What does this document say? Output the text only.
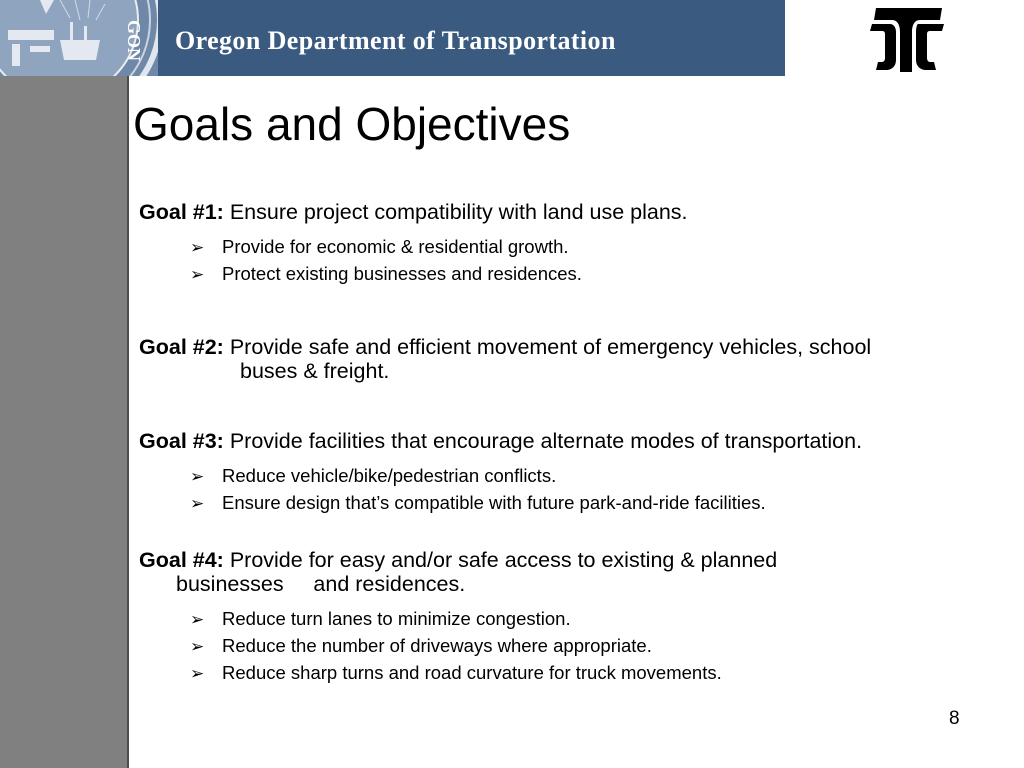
GON Oregon Department of Transportation
Goals and Objectives

Goal #1: Ensure project compatibility with land use plans.

➢ Provide for economic & residential growth.

➢ Protect existing businesses and residences.

Goal #2: Provide safe and efficient movement of emergency vehicles, school
buses & freight.

Goal #3: Provide facilities that encourage alternate modes of transportation.

➢ Reduce vehicle/bike/pedestrian conflicts.

➢ Ensure design that’s compatible with future park-and-ride facilities.

Goal #4: Provide for easy and/or safe access to existing & planned
businesses     and residences.

➢ Reduce turn lanes to minimize congestion.

➢ Reduce the number of driveways where appropriate.

➢ Reduce sharp turns and road curvature for truck movements.

8
